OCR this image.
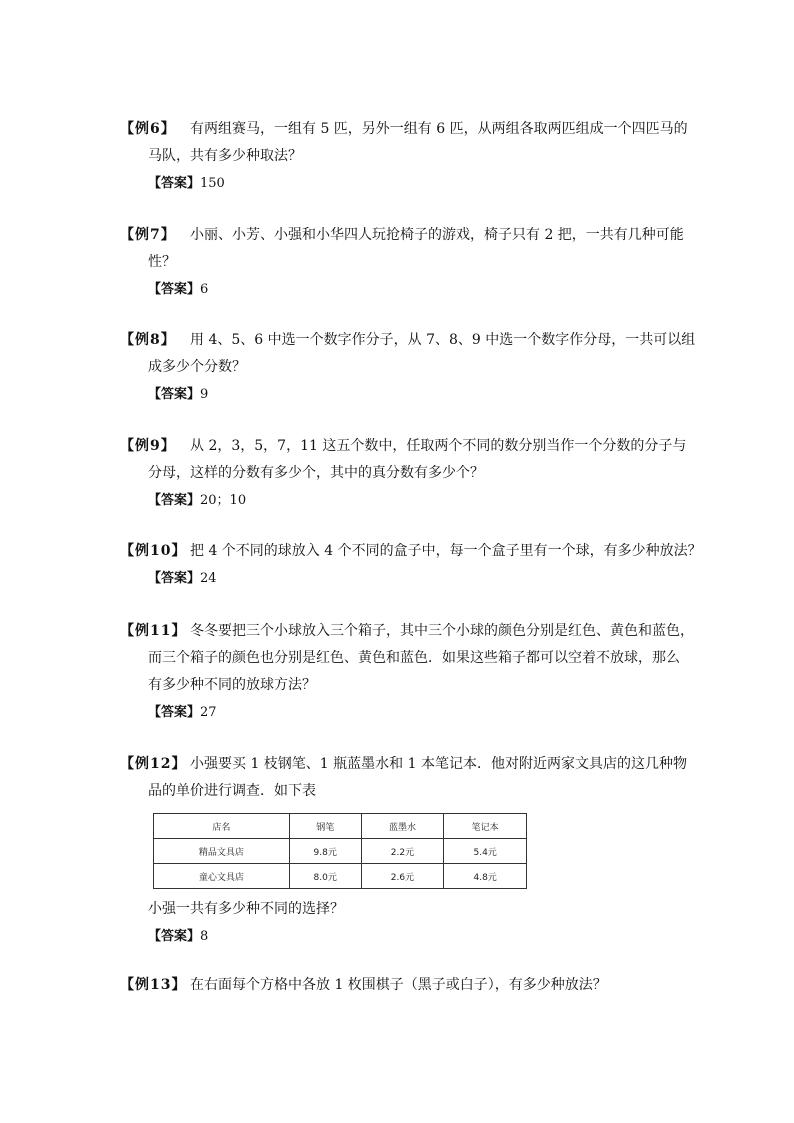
【例6】 有两组赛马，一组有 5 匹，另外一组有 6 匹，从两组各取两匹组成一个四匹马的
马队，共有多少种取法？
【答案】150
【例7】 小丽、小芳、小强和小华四人玩抢椅子的游戏，椅子只有 2 把，一共有几种可能
性？
【答案】6
【例8】 用 4、5、6 中选一个数字作分子，从 7、8、9 中选一个数字作分母，一共可以组
成多少个分数？
【答案】9
【例9】 从 2，3，5，7，11 这五个数中，任取两个不同的数分别当作一个分数的分子与
分母，这样的分数有多少个，其中的真分数有多少个？
【答案】20；10
【例10】 把 4 个不同的球放入 4 个不同的盒子中，每一个盒子里有一个球，有多少种放法？
【答案】24
【例11】 冬冬要把三个小球放入三个箱子，其中三个小球的颜色分别是红色、黄色和蓝色，
而三个箱子的颜色也分别是红色、黄色和蓝色．如果这些箱子都可以空着不放球，那么
有多少种不同的放球方法？
【答案】27
【例12】 小强要买 1 枝钢笔、1 瓶蓝墨水和 1 本笔记本．他对附近两家文具店的这几种物
品的单价进行调查．如下表
店名	钢笔	蓝墨水	笔记本
精品文具店	9.8元	2.2元	5.4元
童心文具店	8.0元	2.6元	4.8元
小强一共有多少种不同的选择？
【答案】8
【例13】 在右面每个方格中各放 1 枚围棋子（黑子或白子），有多少种放法？
